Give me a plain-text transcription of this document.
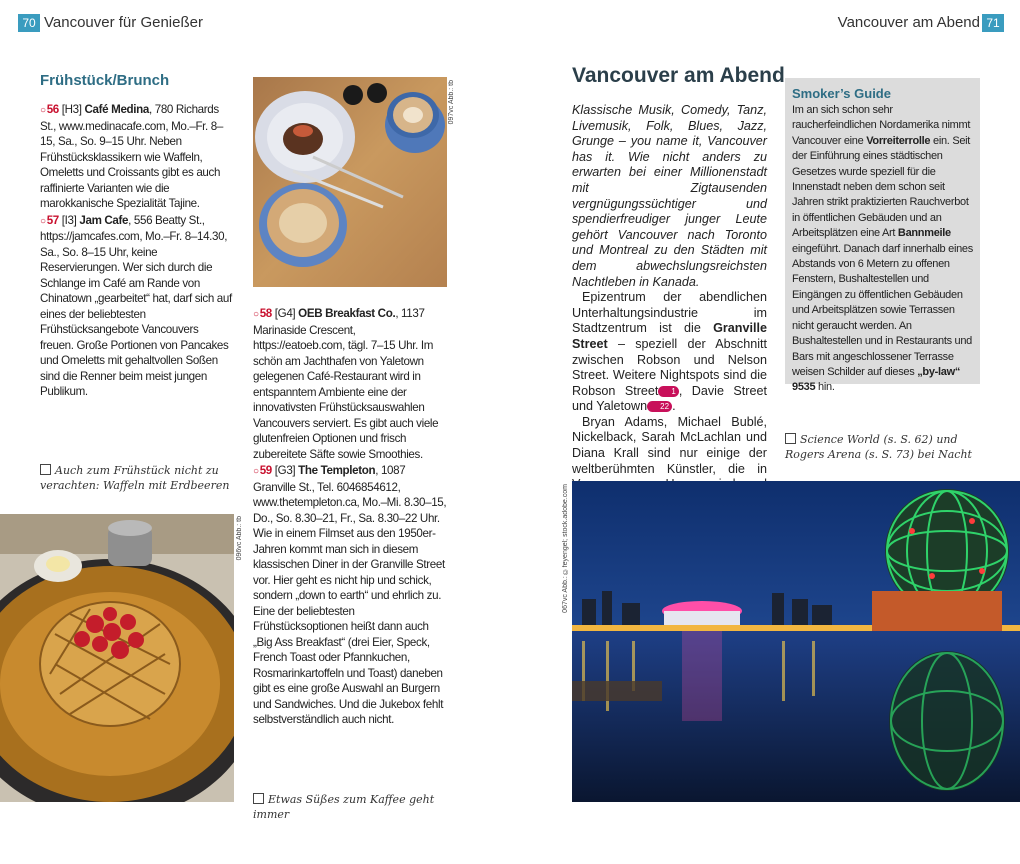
70 Vancouver für Genießer
Frühstück/Brunch

○56 [H3] Café Medina, 780 Richards St., www.medinacafe.com, Mo.–Fr. 8–15, Sa., So. 9–15 Uhr. Neben Frühstücksklassikern wie Waffeln, Omeletts und Croissants gibt es auch raffinierte Varianten wie die marokkanische Spezialität Tajine.

○57 [I3] Jam Cafe, 556 Beatty St., https://jamcafes.com, Mo.–Fr. 8–14.30, Sa., So. 8–15 Uhr, keine Reservierungen. Wer sich durch die Schlange im Café am Rande von Chinatown „gearbeitet“ hat, darf sich auf eines der beliebtesten Frühstücksangebote Vancouvers freuen. Große Portionen von Pancakes und Omeletts mit gehaltvollen Soßen sind die Renner beim meist jungen Publikum.

097vc Abb.: tb

○58 [G4] OEB Breakfast Co., 1137 Marinaside Crescent, https://eatoeb.com, tägl. 7–15 Uhr. Im schön am Jachthafen von Yaletown gelegenen Café-Restaurant wird in entspanntem Ambiente eine der innovativsten Frühstücksauswahlen Vancouvers serviert. Es gibt auch viele glutenfreien Optionen und frisch zubereitete Säfte sowie Smoothies.

○59 [G3] The Templeton, 1087 Granville St., Tel. 6046854612, www.thetempleton.ca, Mo.–Mi. 8.30–15, Do., So. 8.30–21, Fr., Sa. 8.30–22 Uhr. Wie in einem Filmset aus den 1950er-Jahren kommt man sich in diesem klassischen Diner in der Granville Street vor. Hier geht es nicht hip und schick, sondern „down to earth“ und ehrlich zu. Eine der beliebtesten Frühstücksoptionen heißt dann auch „Big Ass Breakfast“ (drei Eier, Speck, French Toast oder Pfannkuchen, Rosmarinkartoffeln und Toast) daneben gibt es eine große Auswahl an Burgern und Sandwiches. Und die Jukebox fehlt selbstverständlich auch nicht.

Auch zum Frühstück nicht zu verachten: Waffeln mit Erdbeeren
096vc Abb.: tb
Etwas Süßes zum Kaffee geht immer
Vancouver am Abend 71
Vancouver am Abend

Klassische Musik, Comedy, Tanz, Livemusik, Folk, Blues, Jazz, Grunge – you name it, Vancouver has it. Wie nicht anders zu erwarten bei einer Millionenstadt mit Zigtausenden vergnügungssüchtiger und spendierfreudiger junger Leute gehört Vancouver nach Toronto und Montreal zu den Städten mit dem abwechslungsreichsten Nachtleben in Kanada.

Epizentrum der abendlichen Unterhaltungsindustrie im Stadtzentrum ist die Granville Street – speziell der Abschnitt zwischen Robson und Nelson Street. Weitere Nightspots sind die Robson Street 1 , Davie Street und Yaletown 22 .

Bryan Adams, Michael Bublé, Nickelback, Sarah McLachlan und Diana Krall sind nur einige der weltberühmten Künstler, die in

Smoker’s Guide
Im an sich schon sehr raucherfeindlichen Nordamerika nimmt Vancouver eine Vorreiterrolle ein. Seit der Einführung eines städtischen Gesetzes wurde speziell für die Innenstadt neben dem schon seit Jahren strikt praktizierten Rauchverbot in öffentlichen Gebäuden und an Arbeitsplätzen eine Art Bannmeile eingeführt. Danach darf innerhalb eines Abstands von 6 Metern zu offenen Fenstern, Bushaltestellen und Eingängen zu öffentlichen Gebäuden und Arbeitsplätzen sowie Terrassen nicht geraucht werden. An Bushaltestellen und in Restaurants und Bars mit angeschlossener Terrasse weisen Schilder auf dieses „by-law“ 9535 hin.
Science World (s. S. 62) und Rogers Arena (s. S. 73) bei Nacht
067vc Abb.: ©feyengel; stock.adobe.com
